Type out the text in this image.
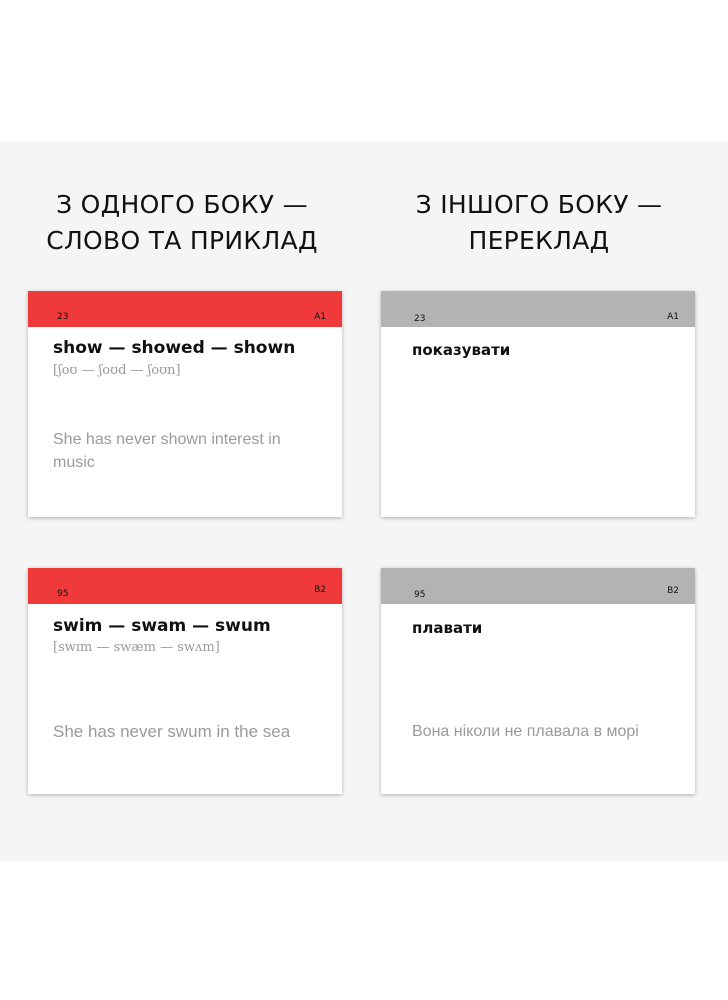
З ОДНОГО БОКУ —
СЛОВО ТА ПРИКЛАД
З ІНШОГО БОКУ —
ПЕРЕКЛАД
23	A1
show — showed — shown
[ʃoʊ — ʃoʊd — ʃoʊn]
She has never shown interest in music
23	A1
показувати
95	B2
swim — swam — swum
[swɪm — swæm — swʌm]
She has never swum in the sea
95	B2
плавати
Вона ніколи не плавала в морі
